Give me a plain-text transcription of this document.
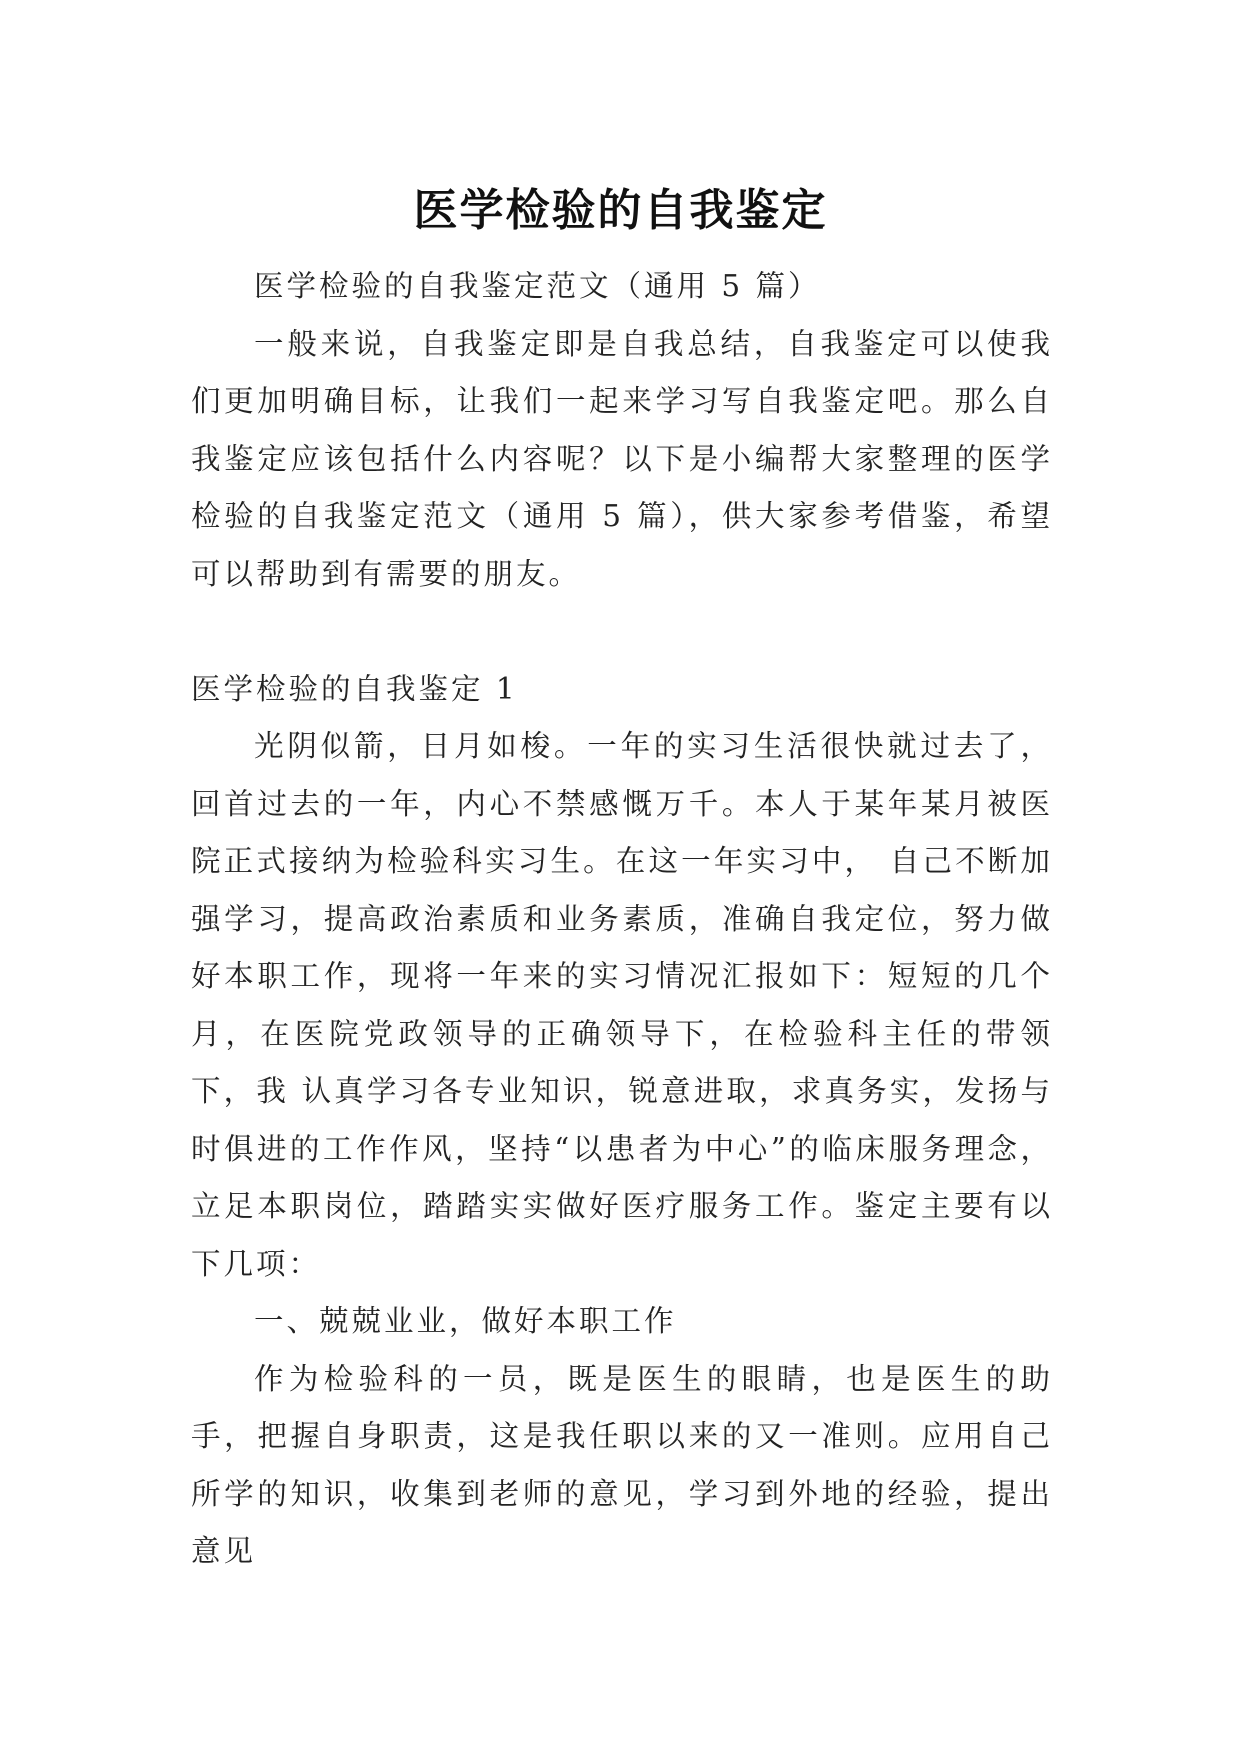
医学检验的自我鉴定

医学检验的自我鉴定范文（通用 5 篇）

一般来说，自我鉴定即是自我总结，自我鉴定可以使我们更加明确目标，让我们一起来学习写自我鉴定吧。那么自我鉴定应该包括什么内容呢？以下是小编帮大家整理的医学检验的自我鉴定范文（通用 5 篇），供大家参考借鉴，希望可以帮助到有需要的朋友。

医学检验的自我鉴定 1

光阴似箭，日月如梭。一年的实习生活很快就过去了，回首过去的一年，内心不禁感慨万千。本人于某年某月被医院正式接纳为检验科实习生。在这一年实习中， 自己不断加强学习，提高政治素质和业务素质，准确自我定位，努力做好本职工作，现将一年来的实习情况汇报如下：短短的几个月，在医院党政领导的正确领导下，在检验科主任的带领下，我 认真学习各专业知识，锐意进取，求真务实，发扬与时俱进的工作作风，坚持“以患者为中心”的临床服务理念，立足本职岗位，踏踏实实做好医疗服务工作。鉴定主要有以下几项：

一、兢兢业业，做好本职工作

作为检验科的一员，既是医生的眼睛，也是医生的助手，把握自身职责，这是我任职以来的又一准则。应用自己所学的知识，收集到老师的意见，学习到外地的经验，提出意见
